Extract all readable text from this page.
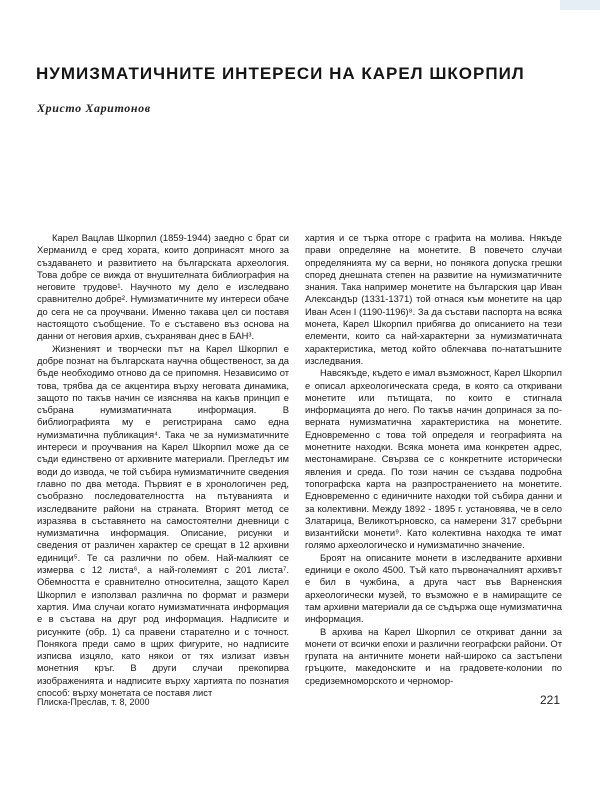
НУМИЗМАТИЧНИТЕ ИНТЕРЕСИ НА КАРЕЛ ШКОРПИЛ
Христо Харитонов

Карел Вацлав Шкорпил (1859-1944) заедно с брат си Херманилд е сред хората, които допринасят много за създаването и развитието на българската археология. Това добре се вижда от внушителната библиография на неговите трудове¹. Научното му дело е изследвано сравнително добре². Нумизматичните му интереси обаче до сега не са проучвани. Именно такава цел си поставя настоящото съобщение. То е съставено въз основа на данни от неговия архив, съхраняван днес в БАН³.

Жизненият и творчески път на Карел Шкорпил е добре познат на българската научна общественост, за да бъде необходимо отново да се припомня. Независимо от това, трябва да се акцентира върху неговата динамика, защото по такъв начин се изяснява на какъв принцип е събрана нумизматичната информация. В библиографията му е регистрирана само една нумизматична публикация⁴. Така че за нумизматичните интереси и проучвания на Карел Шкорпил може да се съди единствено от архивните материали. Прегледът им води до извода, че той събира нумизматичните сведения главно по два метода. Първият е в хронологичен ред, съобразно последователността на пътуванията и изследваните райони на страната. Вторият метод се изразява в съставянето на самостоятелни дневници с нумизматична информация. Описание, рисунки и сведения от различен характер се срещат в 12 архивни единици⁵. Те са различни по обем. Най-малкият се измерва с 12 листа⁶, а най-големият с 201 листа⁷. Обемността е сравнително относителна, защото Карел Шкорпил е използвал различна по формат и размери хартия. Има случаи когато нумизматичната информация е в състава на друг род информация. Надписите и рисунките (обр. 1) са правени старателно и с точност. Понякога преди само в щрих фигурите, но надписите изписва изцяло, като някои от тях излизат извън монетния кръг. В други случаи прекопирва изображенията и надписите върху хартията по познатия способ: върху монетата се поставя лист

хартия и се търка отгоре с графита на молива. Някъде прави определяне на монетите. В повечето случаи определянията му са верни, но понякога допуска грешки според днешната степен на развитие на нумизматичните знания. Така например монетите на българския цар Иван Александър (1331-1371) той отнася към монетите на цар Иван Асен I (1190-1196)⁸. За да състави паспорта на всяка монета, Карел Шкорпил прибягва до описанието на тези елементи, които са най-характерни за нумизматичната характеристика, метод който облекчава по-нататъшните изследвания.

Навсякъде, където е имал възможност, Карел Шкорпил е описал археологическата среда, в която са откривани монетите или пътищата, по които е стигнала информацията до него. По такъв начин допринася за по-верната нумизматична характеристика на монетите. Едновременно с това той определя и географията на монетните находки. Всяка монета има конкретен адрес, местонамиране. Свързва се с конкретните исторически явления и среда. По този начин се създава подробна топографска карта на разпространението на монетите. Едновременно с единичните находки той събира данни и за колективни. Между 1892 - 1895 г. установява, че в село Златарица, Великотърновско, са намерени 317 сребърни византийски монети⁹. Като колективна находка те имат голямо археологическо и нумизматично значение.

Броят на описаните монети в изследваните архивни единици е около 4500. Тъй като първоначалният архивът е бил в чужбина, а друга част във Варненския археологически музей, то възможно е в намиращите се там архивни материали да се съдържа още нумизматична информация.

В архива на Карел Шкорпил се откриват данни за монети от всички епохи и различни географски райони. От групата на античните монети най-широко са застъпени гръцките, македонските и на градовете-колонии по средиземноморското и черномор-

Плиска-Преслав, т. 8, 2000	221
